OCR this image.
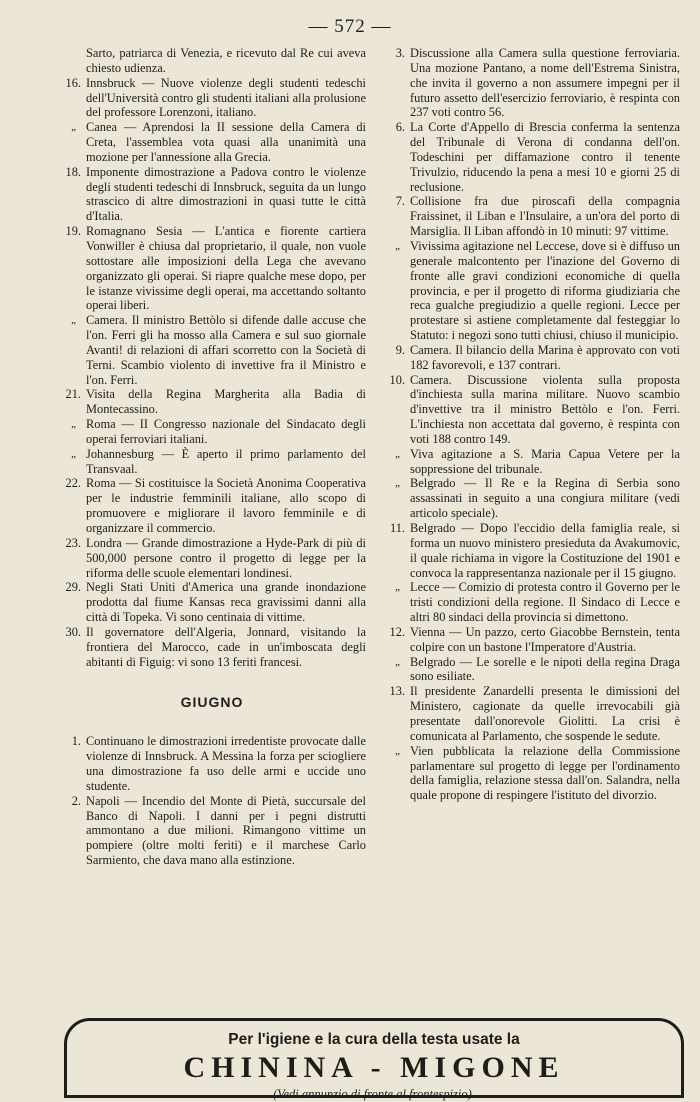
— 572 —
Sarto, patriarca di Venezia, e ricevuto dal Re cui aveva chiesto udienza.
16. Innsbruck — Nuove violenze degli studenti tedeschi dell'Università contro gli studenti italiani alla prolusione del professore Lorenzoni, italiano.
„ Canea — Aprendosi la II sessione della Camera di Creta, l'assemblea vota quasi alla unanimità una mozione per l'annessione alla Grecia.
18. Imponente dimostrazione a Padova contro le violenze degli studenti tedeschi di Innsbruck, seguita da un lungo strascico di altre dimostrazioni in quasi tutte le città d'Italia.
19. Romagnano Sesia — L'antica e fiorente cartiera Vonwiller è chiusa dal proprietario, il quale, non vuole sottostare alle imposizioni della Lega che avevano organizzato gli operai. Si riapre qualche mese dopo, per le istanze vivissime degli operai, ma accettando soltanto operai liberi.
„ Camera. Il ministro Bettòlo si difende dalle accuse che l'on. Ferri gli ha mosso alla Camera e sul suo giornale Avanti! di relazioni di affari scorretto con la Società di Terni. Scambio violento di invettive fra il Ministro e l'on. Ferri.
21. Visita della Regina Margherita alla Badia di Montecassino.
„ Roma — II Congresso nazionale del Sindacato degli operai ferroviari italiani.
„ Johannesburg — È aperto il primo parlamento del Transvaal.
22. Roma — Si costituisce la Società Anonima Cooperativa per le industrie femminili italiane, allo scopo di promuovere e migliorare il lavoro femminile e di organizzare il commercio.
23. Londra — Grande dimostrazione a Hyde-Park di più di 500,000 persone contro il progetto di legge per la riforma delle scuole elementari londinesi.
29. Negli Stati Uniti d'America una grande inondazione prodotta dal fiume Kansas reca gravissimi danni alla città di Topeka. Vi sono centinaia di vittime.
30. Il governatore dell'Algeria, Jonnard, visitando la frontiera del Marocco, cade in un'imboscata degli abitanti di Figuig: vi sono 13 feriti francesi.
GIUGNO
1. Continuano le dimostrazioni irredentiste provocate dalle violenze di Innsbruck. A Messina la forza per sciogliere una dimostrazione fa uso delle armi e uccide uno studente.
2. Napoli — Incendio del Monte di Pietà, succursale del Banco di Napoli. I danni per i pegni distrutti ammontano a due milioni. Rimangono vittime un pompiere (oltre molti feriti) e il marchese Carlo Sarmiento, che dava mano alla estinzione.
3. Discussione alla Camera sulla questione ferroviaria. Una mozione Pantano, a nome dell'Estrema Sinistra, che invita il governo a non assumere impegni per il futuro assetto dell'esercizio ferroviario, è respinta con 237 voti contro 56.
6. La Corte d'Appello di Brescia conferma la sentenza del Tribunale di Verona di condanna dell'on. Todeschini per diffamazione contro il tenente Trivulzio, riducendo la pena a mesi 10 e giorni 25 di reclusione.
7. Collisione fra due piroscafi della compagnia Fraissinet, il Liban e l'Insulaire, a un'ora del porto di Marsiglia. Il Liban affondò in 10 minuti: 97 vittime.
„ Vivissima agitazione nel Leccese, dove si è diffuso un generale malcontento per l'inazione del Governo di fronte alle gravi condizioni economiche di quella provincia, e per il progetto di riforma giudiziaria che reca gualche pregiudizio a quelle regioni. Lecce per protestare si astiene completamente dal festeggiar lo Statuto: i negozi sono tutti chiusi, chiuso il municipio.
9. Camera. Il bilancio della Marina è approvato con voti 182 favorevoli, e 137 contrari.
10. Camera. Discussione violenta sulla proposta d'inchiesta sulla marina militare. Nuovo scambio d'invettive tra il ministro Bettòlo e l'on. Ferri. L'inchiesta non accettata dal governo, è respinta con voti 188 contro 149.
„ Viva agitazione a S. Maria Capua Vetere per la soppressione del tribunale.
„ Belgrado — Il Re e la Regina di Serbia sono assassinati in seguito a una congiura militare (vedi articolo speciale).
11. Belgrado — Dopo l'eccidio della famiglia reale, si forma un nuovo ministero presieduta da Avakumovic, il quale richiama in vigore la Costituzione del 1901 e convoca la rappresentanza nazionale per il 15 giugno.
„ Lecce — Comizio di protesta contro il Governo per le tristi condizioni della regione. Il Sindaco di Lecce e altri 80 sindaci della provincia si dimettono.
12. Vienna — Un pazzo, certo Giacobbe Bernstein, tenta colpire con un bastone l'Imperatore d'Austria.
„ Belgrado — Le sorelle e le nipoti della regina Draga sono esiliate.
13. Il presidente Zanardelli presenta le dimissioni del Ministero, cagionate da quelle irrevocabili già presentate dall'onorevole Giolitti. La crisi è comunicata al Parlamento, che sospende le sedute.
„ Vien pubblicata la relazione della Commissione parlamentare sul progetto di legge per l'ordinamento della famiglia, relazione stessa dall'on. Salandra, nella quale propone di respingere l'istituto del divorzio.
Per l'igiene e la cura della testa usate la
CHININA - MIGONE
(Vedi annunzio di fronte al frontespizio).
